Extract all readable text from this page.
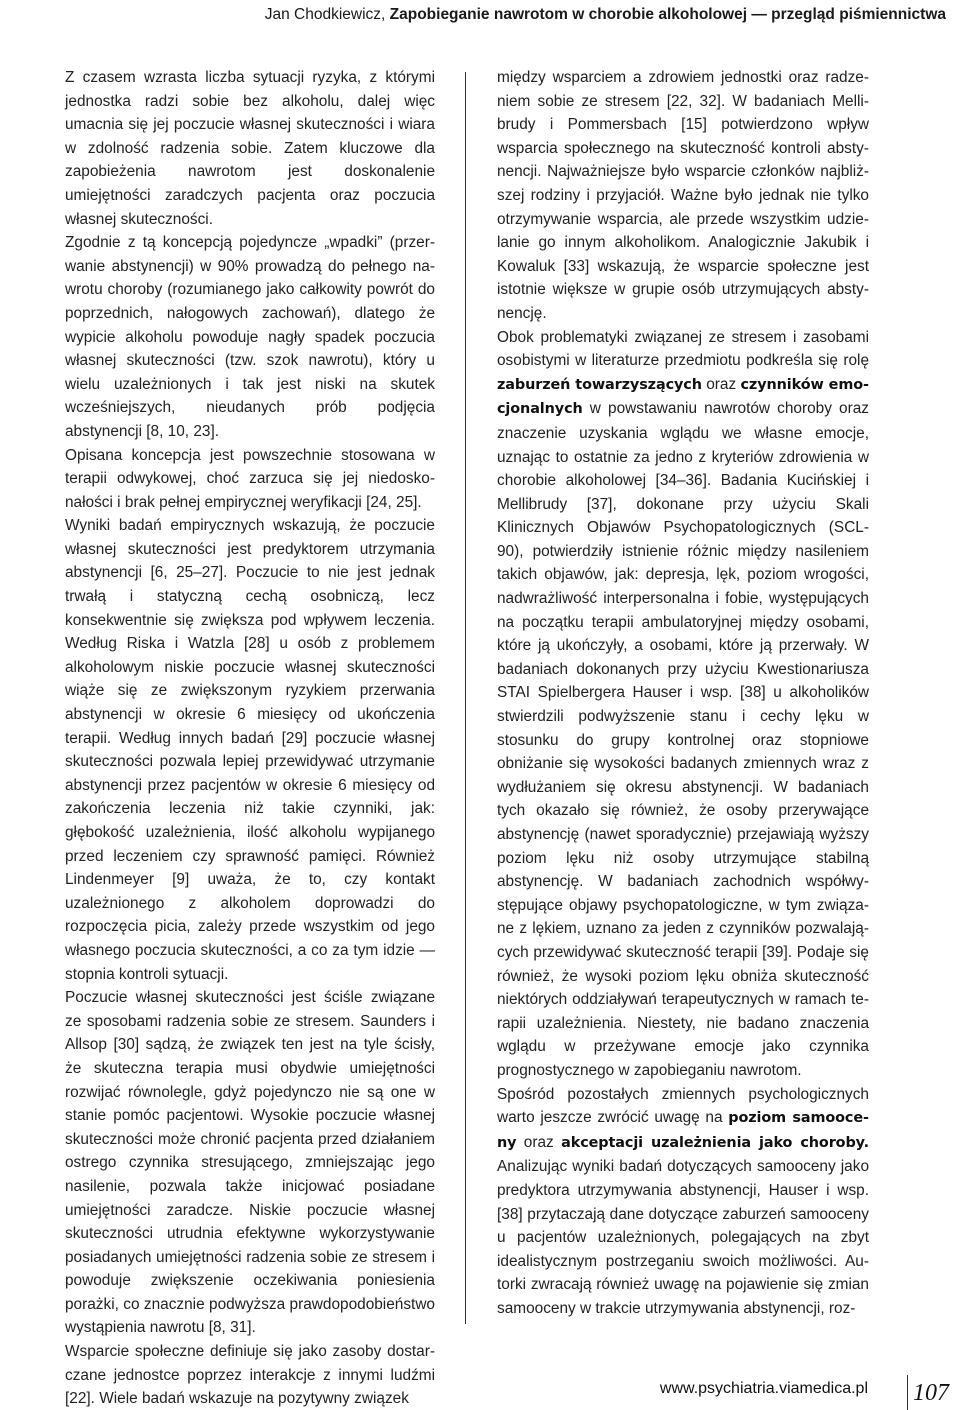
Jan Chodkiewicz, Zapobieganie nawrotom w chorobie alkoholowej — przegląd piśmiennictwa

Z czasem wzrasta liczba sytuacji ryzyka, z którymi jednostka radzi sobie bez alkoholu, dalej więc umacnia się jej poczucie własnej skuteczności i wiara w zdolność radzenia sobie. Zatem kluczowe dla zapobieżenia nawrotom jest doskonalenie umiejętności zaradczych pacjenta oraz poczucia własnej skuteczności.

Zgodnie z tą koncepcją pojedyncze „wpadki” (przerwanie abstynencji) w 90% prowadzą do pełnego nawrotu choroby (rozumianego jako całkowity powrót do poprzednich, nałogowych zachowań), dlatego że wypicie alkoholu powoduje nagły spadek poczucia własnej skuteczności (tzw. szok nawrotu), który u wielu uzależnionych i tak jest niski na skutek wcześniejszych, nieudanych prób podjęcia abstynencji [8, 10, 23].

Opisana koncepcja jest powszechnie stosowana w terapii odwykowej, choć zarzuca się jej niedoskonałości i brak pełnej empirycznej weryfikacji [24, 25].

Wyniki badań empirycznych wskazują, że poczucie własnej skuteczności jest predyktorem utrzymania abstynencji [6, 25–27]. Poczucie to nie jest jednak trwałą i statyczną cechą osobniczą, lecz konsekwentnie się zwiększa pod wpływem leczenia. Według Riska i Watzla [28] u osób z problemem alkoholowym niskie poczucie własnej skuteczności wiąże się ze zwiększonym ryzykiem przerwania abstynencji w okresie 6 miesięcy od ukończenia terapii. Według innych badań [29] poczucie własnej skuteczności pozwala lepiej przewidywać utrzymanie abstynencji przez pacjentów w okresie 6 miesięcy od zakończenia leczenia niż takie czynniki, jak: głębokość uzależnienia, ilość alkoholu wypijanego przed leczeniem czy sprawność pamięci. Również Lindenmeyer [9] uważa, że to, czy kontakt uzależnionego z alkoholem doprowadzi do rozpoczęcia picia, zależy przede wszystkim od jego własnego poczucia skuteczności, a co za tym idzie — stopnia kontroli sytuacji.

Poczucie własnej skuteczności jest ściśle związane ze sposobami radzenia sobie ze stresem. Saunders i Allsop [30] sądzą, że związek ten jest na tyle ścisły, że skuteczna terapia musi obydwie umiejętności rozwijać równolegle, gdyż pojedynczo nie są one w stanie pomóc pacjentowi. Wysokie poczucie własnej skuteczności może chronić pacjenta przed działaniem ostrego czynnika stresującego, zmniejszając jego nasilenie, pozwala także inicjować posiadane umiejętności zaradcze. Niskie poczucie własnej skuteczności utrudnia efektywne wykorzystywanie posiadanych umiejętności radzenia sobie ze stresem i powoduje zwiększenie oczekiwania poniesienia porażki, co znacznie podwyższa prawdopodobieństwo wystąpienia nawrotu [8, 31].

Wsparcie społeczne definiuje się jako zasoby dostarczane jednostce poprzez interakcje z innymi ludźmi [22]. Wiele badań wskazuje na pozytywny związek

między wsparciem a zdrowiem jednostki oraz radzeniem sobie ze stresem [22, 32]. W badaniach Mellibrudy i Pommersbach [15] potwierdzono wpływ wsparcia społecznego na skuteczność kontroli abstynencji. Najważniejsze było wsparcie członków najbliższej rodziny i przyjaciół. Ważne było jednak nie tylko otrzymywanie wsparcia, ale przede wszystkim udzielanie go innym alkoholikom. Analogicznie Jakubik i Kowaluk [33] wskazują, że wsparcie społeczne jest istotnie większe w grupie osób utrzymujących abstynencję.

Obok problematyki związanej ze stresem i zasobami osobistymi w literaturze przedmiotu podkreśla się rolę zaburzeń towarzyszących oraz czynników emocjonalnych w powstawaniu nawrotów choroby oraz znaczenie uzyskania wglądu we własne emocje, uznając to ostatnie za jedno z kryteriów zdrowienia w chorobie alkoholowej [34–36]. Badania Kucińskiej i Mellibrudy [37], dokonane przy użyciu Skali Klinicznych Objawów Psychopatologicznych (SCL-90), potwierdziły istnienie różnic między nasileniem takich objawów, jak: depresja, lęk, poziom wrogości, nadwrażliwość interpersonalna i fobie, występujących na początku terapii ambulatoryjnej między osobami, które ją ukończyły, a osobami, które ją przerwały. W badaniach dokonanych przy użyciu Kwestionariusza STAI Spielbergera Hauser i wsp. [38] u alkoholików stwierdzili podwyższenie stanu i cechy lęku w stosunku do grupy kontrolnej oraz stopniowe obniżanie się wysokości badanych zmiennych wraz z wydłużaniem się okresu abstynencji. W badaniach tych okazało się również, że osoby przerywające abstynencję (nawet sporadycznie) przejawiają wyższy poziom lęku niż osoby utrzymujące stabilną abstynencję. W badaniach zachodnich współwystępujące objawy psychopatologiczne, w tym związane z lękiem, uznano za jeden z czynników pozwalających przewidywać skuteczność terapii [39]. Podaje się również, że wysoki poziom lęku obniża skuteczność niektórych oddziaływań terapeutycznych w ramach terapii uzależnienia. Niestety, nie badano znaczenia wglądu w przeżywane emocje jako czynnika prognostycznego w zapobieganiu nawrotom.

Spośród pozostałych zmiennych psychologicznych warto jeszcze zwrócić uwagę na poziom samooceny oraz akceptacji uzależnienia jako choroby. Analizując wyniki badań dotyczących samooceny jako predyktora utrzymywania abstynencji, Hauser i wsp. [38] przytaczają dane dotyczące zaburzeń samooceny u pacjentów uzależnionych, polegających na zbyt idealistycznym postrzeganiu swoich możliwości. Autorki zwracają również uwagę na pojawienie się zmian samooceny w trakcie utrzymywania abstynencji, roz-

www.psychiatria.viamedica.pl 107
